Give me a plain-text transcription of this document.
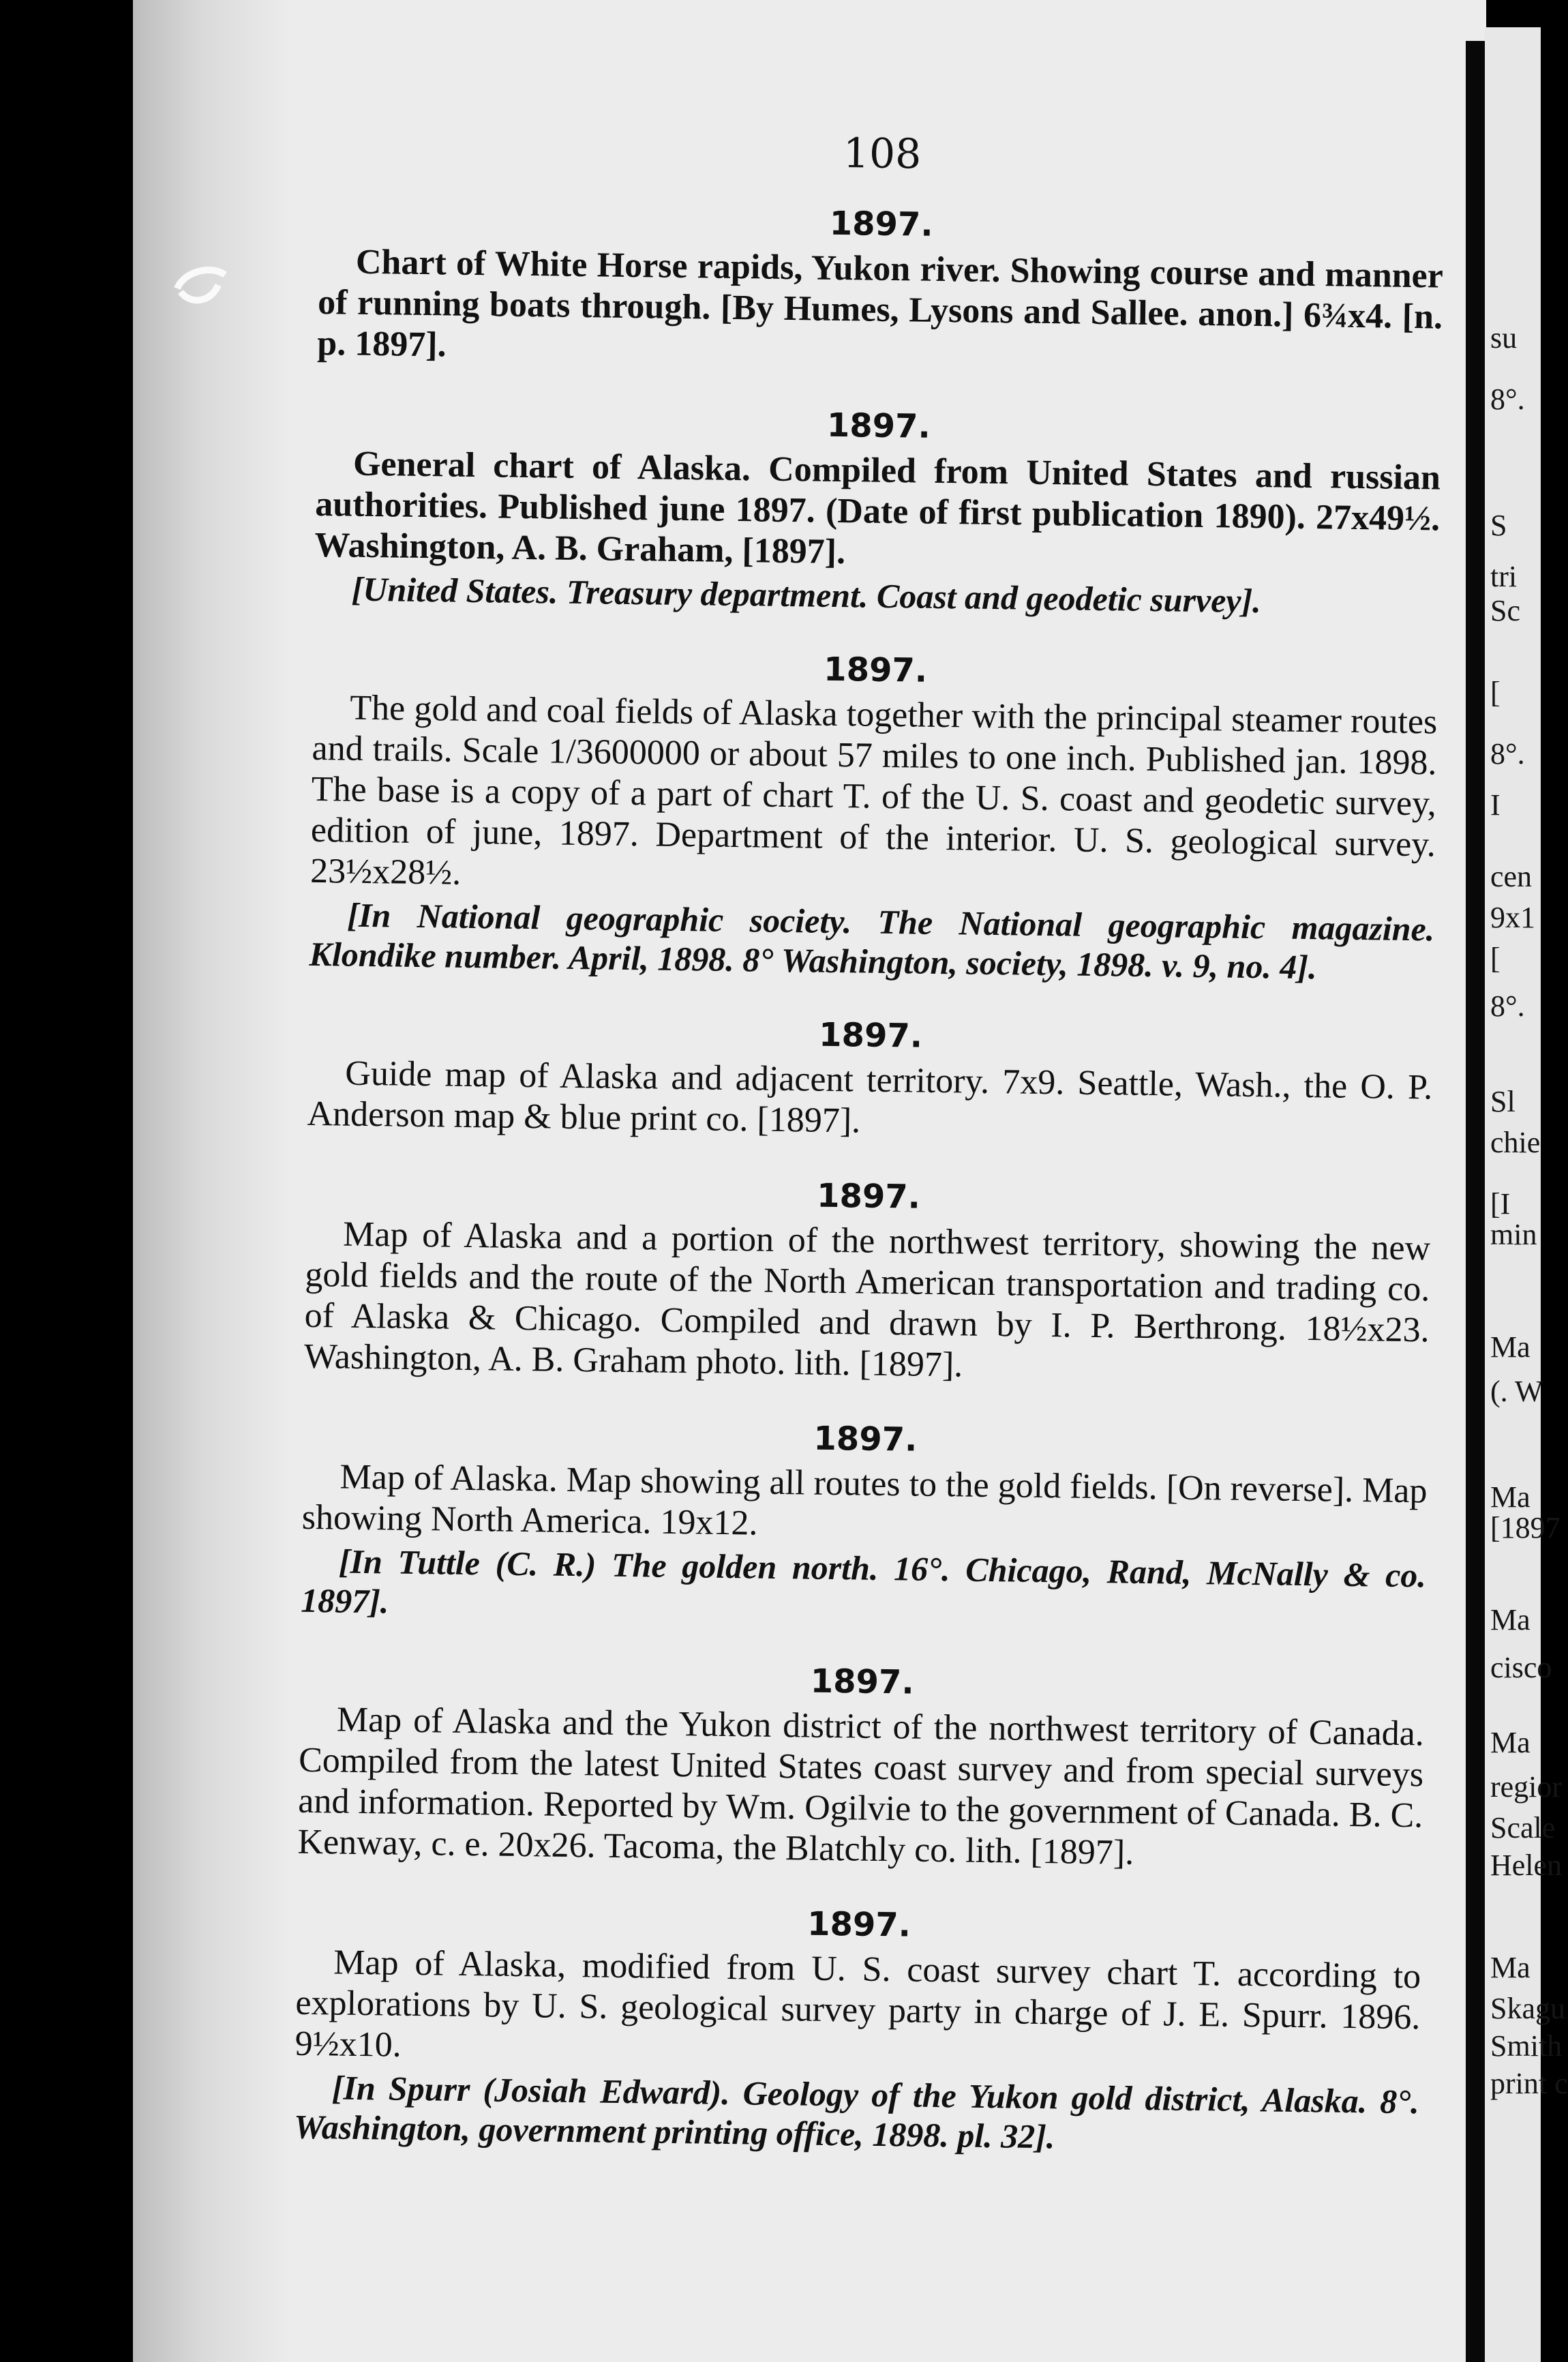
108
1897.

Chart of White Horse rapids, Yukon river. Showing course and manner of running boats through. [By Humes, Lysons and Sallee. anon.] 6¾x4. [n. p. 1897].

1897.

General chart of Alaska. Compiled from United States and russian authorities. Published june 1897. (Date of first publication 1890). 27x49½. Washington, A. B. Graham, [1897].

[United States. Treasury department. Coast and geodetic survey].

1897.

The gold and coal fields of Alaska together with the principal steamer routes and trails. Scale 1/3600000 or about 57 miles to one inch. Published jan. 1898. The base is a copy of a part of chart T. of the U. S. coast and geodetic survey, edition of june, 1897. Department of the interior. U. S. geological survey. 23½x28½.

[In National geographic society. The National geographic magazine. Klondike number. April, 1898. 8° Washington, society, 1898. v. 9, no. 4].

1897.

Guide map of Alaska and adjacent territory. 7x9. Seattle, Wash., the O. P. Anderson map & blue print co. [1897].

1897.

Map of Alaska and a portion of the northwest territory, showing the new gold fields and the route of the North American transportation and trading co. of Alaska & Chicago. Compiled and drawn by I. P. Berthrong. 18½x23. Washington, A. B. Graham photo. lith. [1897].

1897.

Map of Alaska. Map showing all routes to the gold fields. [On reverse]. Map showing North America. 19x12.

[In Tuttle (C. R.) The golden north. 16°. Chicago, Rand, McNally & co. 1897].

1897.

Map of Alaska and the Yukon district of the northwest territory of Canada. Compiled from the latest United States coast survey and from special surveys and information. Reported by Wm. Ogilvie to the government of Canada. B. C. Kenway, c. e. 20x26. Tacoma, the Blatchly co. lith. [1897].

1897.

Map of Alaska, modified from U. S. coast survey chart T. according to explorations by U. S. geological survey party in charge of J. E. Spurr. 1896. 9½x10.

[In Spurr (Josiah Edward). Geology of the Yukon gold district, Alaska. 8°. Washington, government printing office, 1898. pl. 32].

su
8°.
S
tri
Sc
[
8°.
I
cen
9x1
[
8°.
Sl
chie
[I
min
Ma
(. W
Ma
[1897
Ma
cisco
Ma
regior
Scale
Helen
Ma
Skagu
Smith
print c
